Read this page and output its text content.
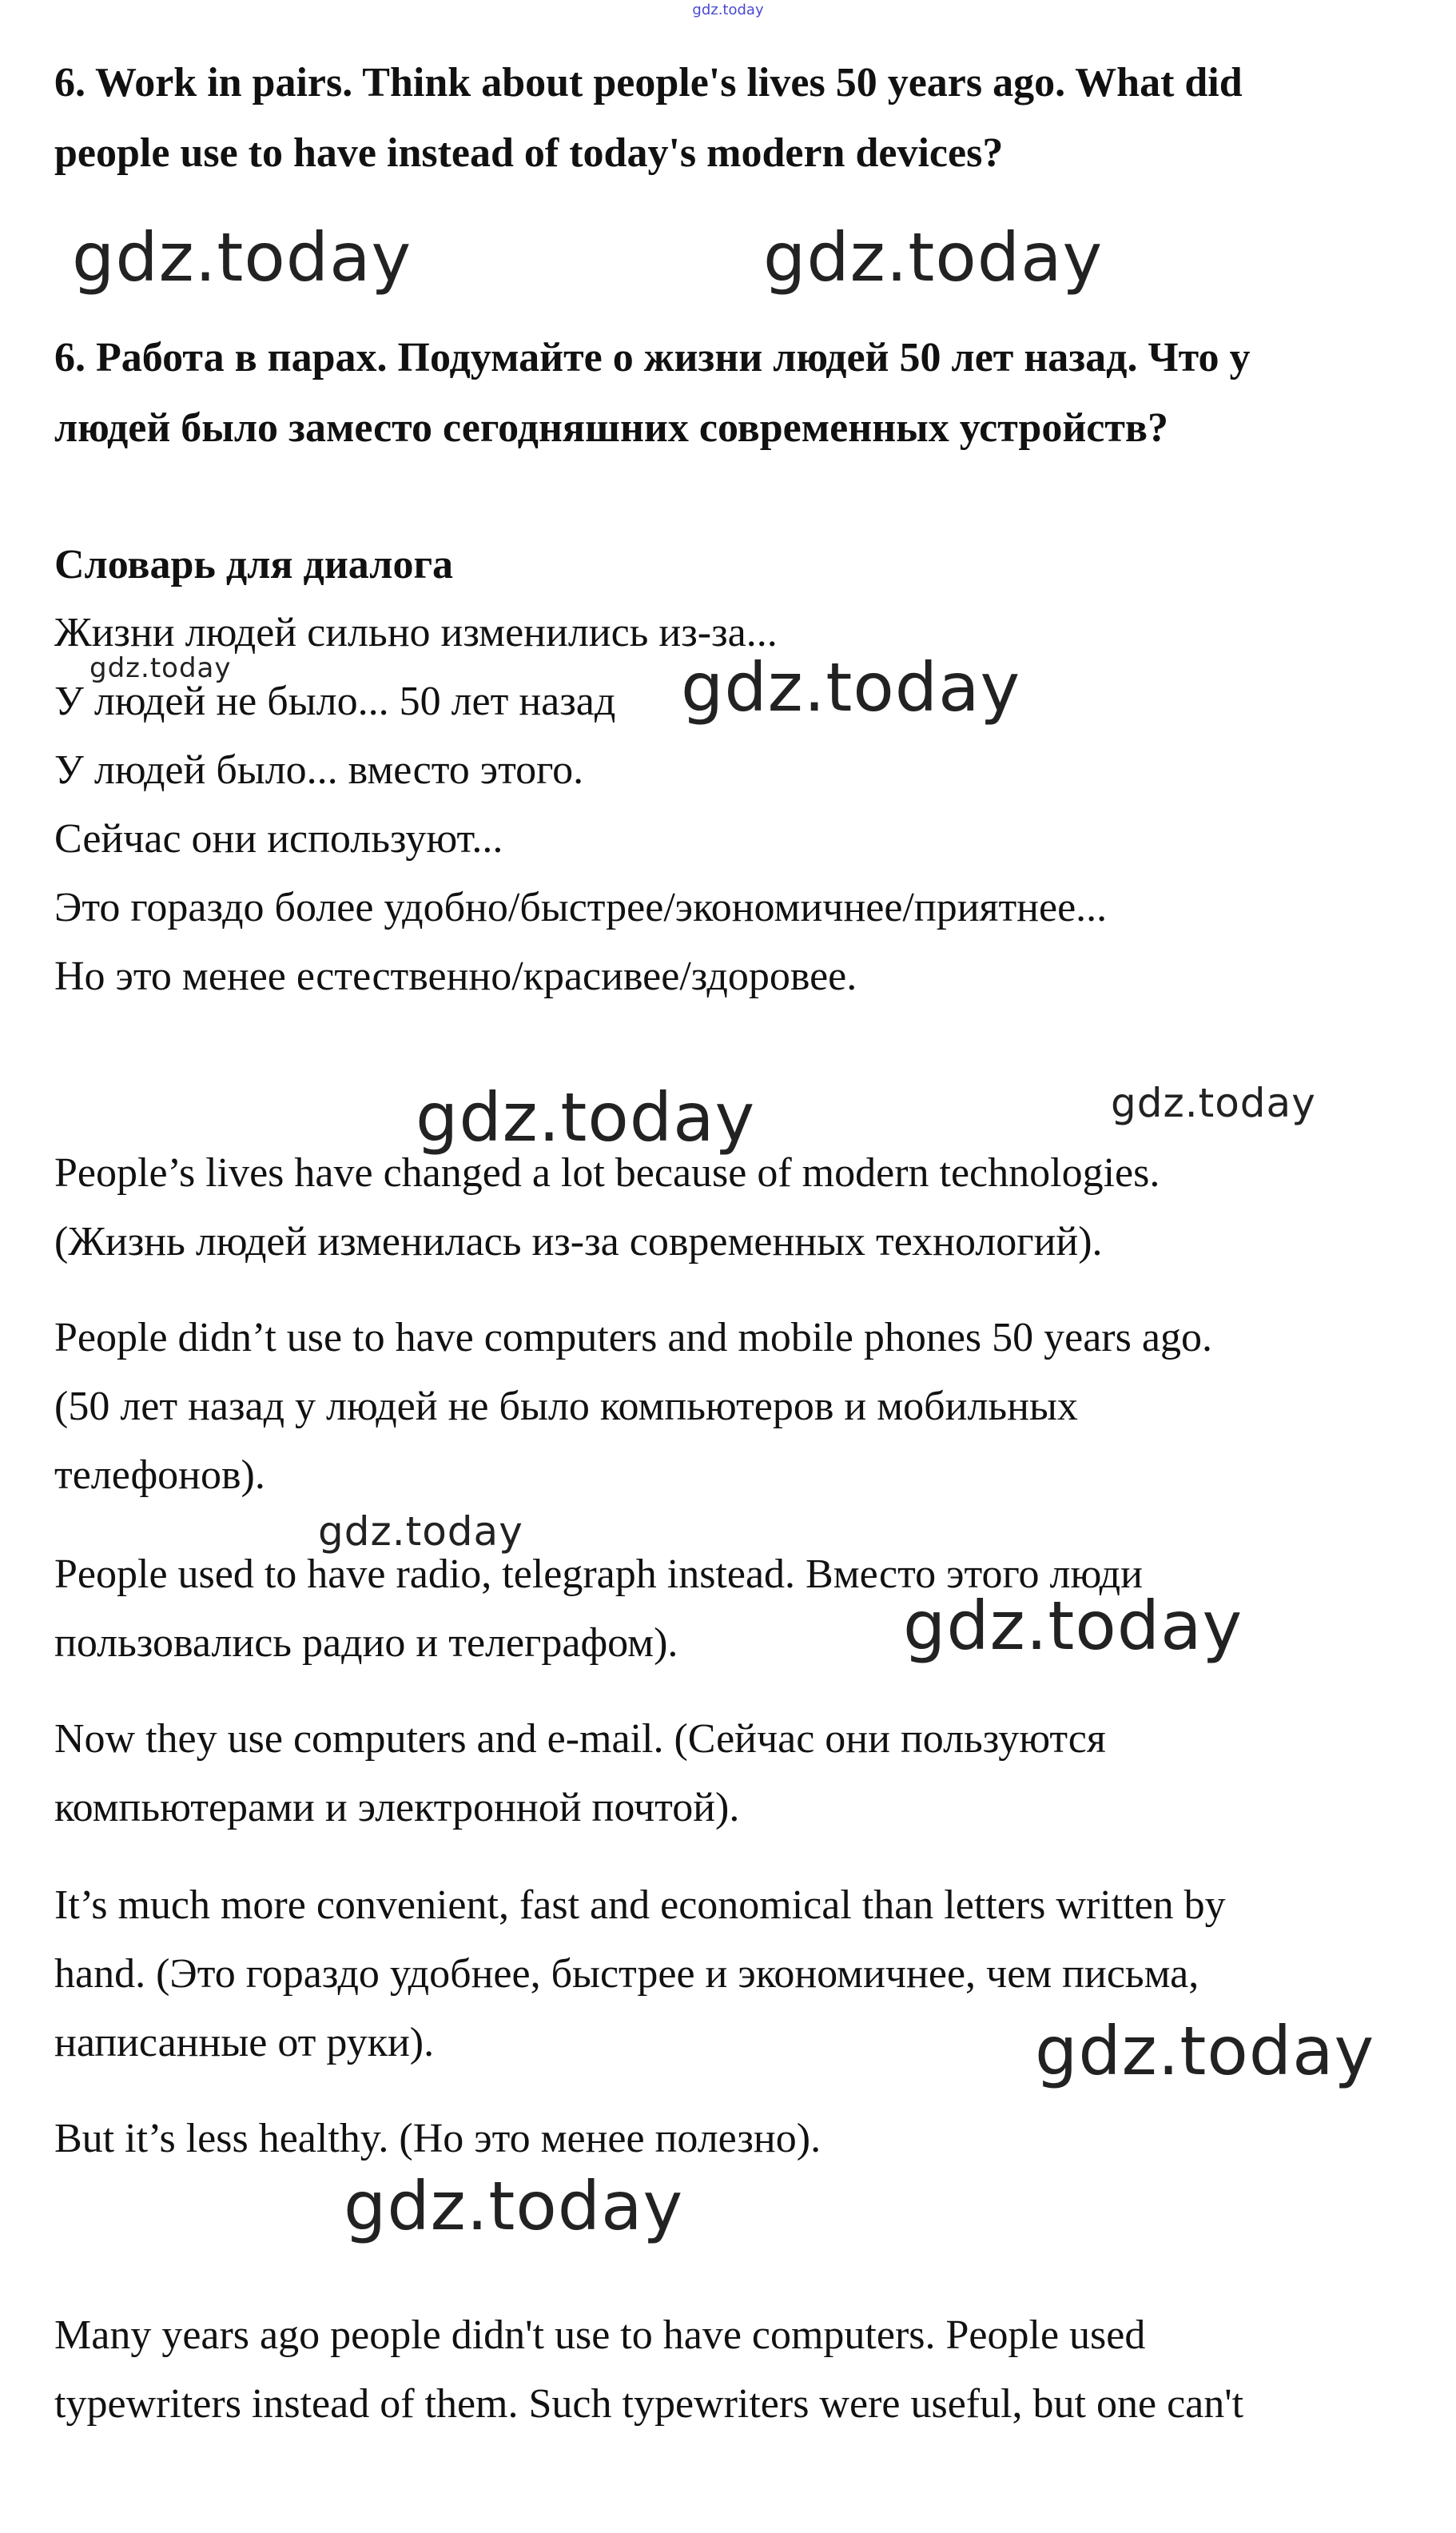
gdz.today
6. Work in pairs. Think about people's lives 50 years ago. What did
people use to have instead of today's modern devices?
gdz.today	gdz.today
6. Работа в парах. Подумайте о жизни людей 50 лет назад. Что у
людей было заместо сегодняшних современных устройств?
Словарь для диалога
Жизни людей сильно изменились из-за...
У людей не было... 50 лет назад
У людей было... вместо этого.
Сейчас они используют...
Это гораздо более удобно/быстрее/экономичнее/приятнее...
Но это менее естественно/красивее/здоровее.
gdz.today	gdz.today
gdz.today	gdz.today
People’s lives have changed a lot because of modern technologies.
(Жизнь людей изменилась из-за современных технологий).
People didn’t use to have computers and mobile phones 50 years ago.
(50 лет назад у людей не было компьютеров и мобильных
телефонов).
gdz.today
People used to have radio, telegraph instead. Вместо этого люди
пользовались радио и телеграфом).	gdz.today
Now they use computers and e-mail. (Сейчас они пользуются
компьютерами и электронной почтой).
It’s much more convenient, fast and economical than letters written by
hand. (Это гораздо удобнее, быстрее и экономичнее, чем письма,
написанные от руки).	gdz.today
But it’s less healthy. (Но это менее полезно).
gdz.today
Many years ago people didn't use to have computers. People used
typewriters instead of them. Such typewriters were useful, but one can't
